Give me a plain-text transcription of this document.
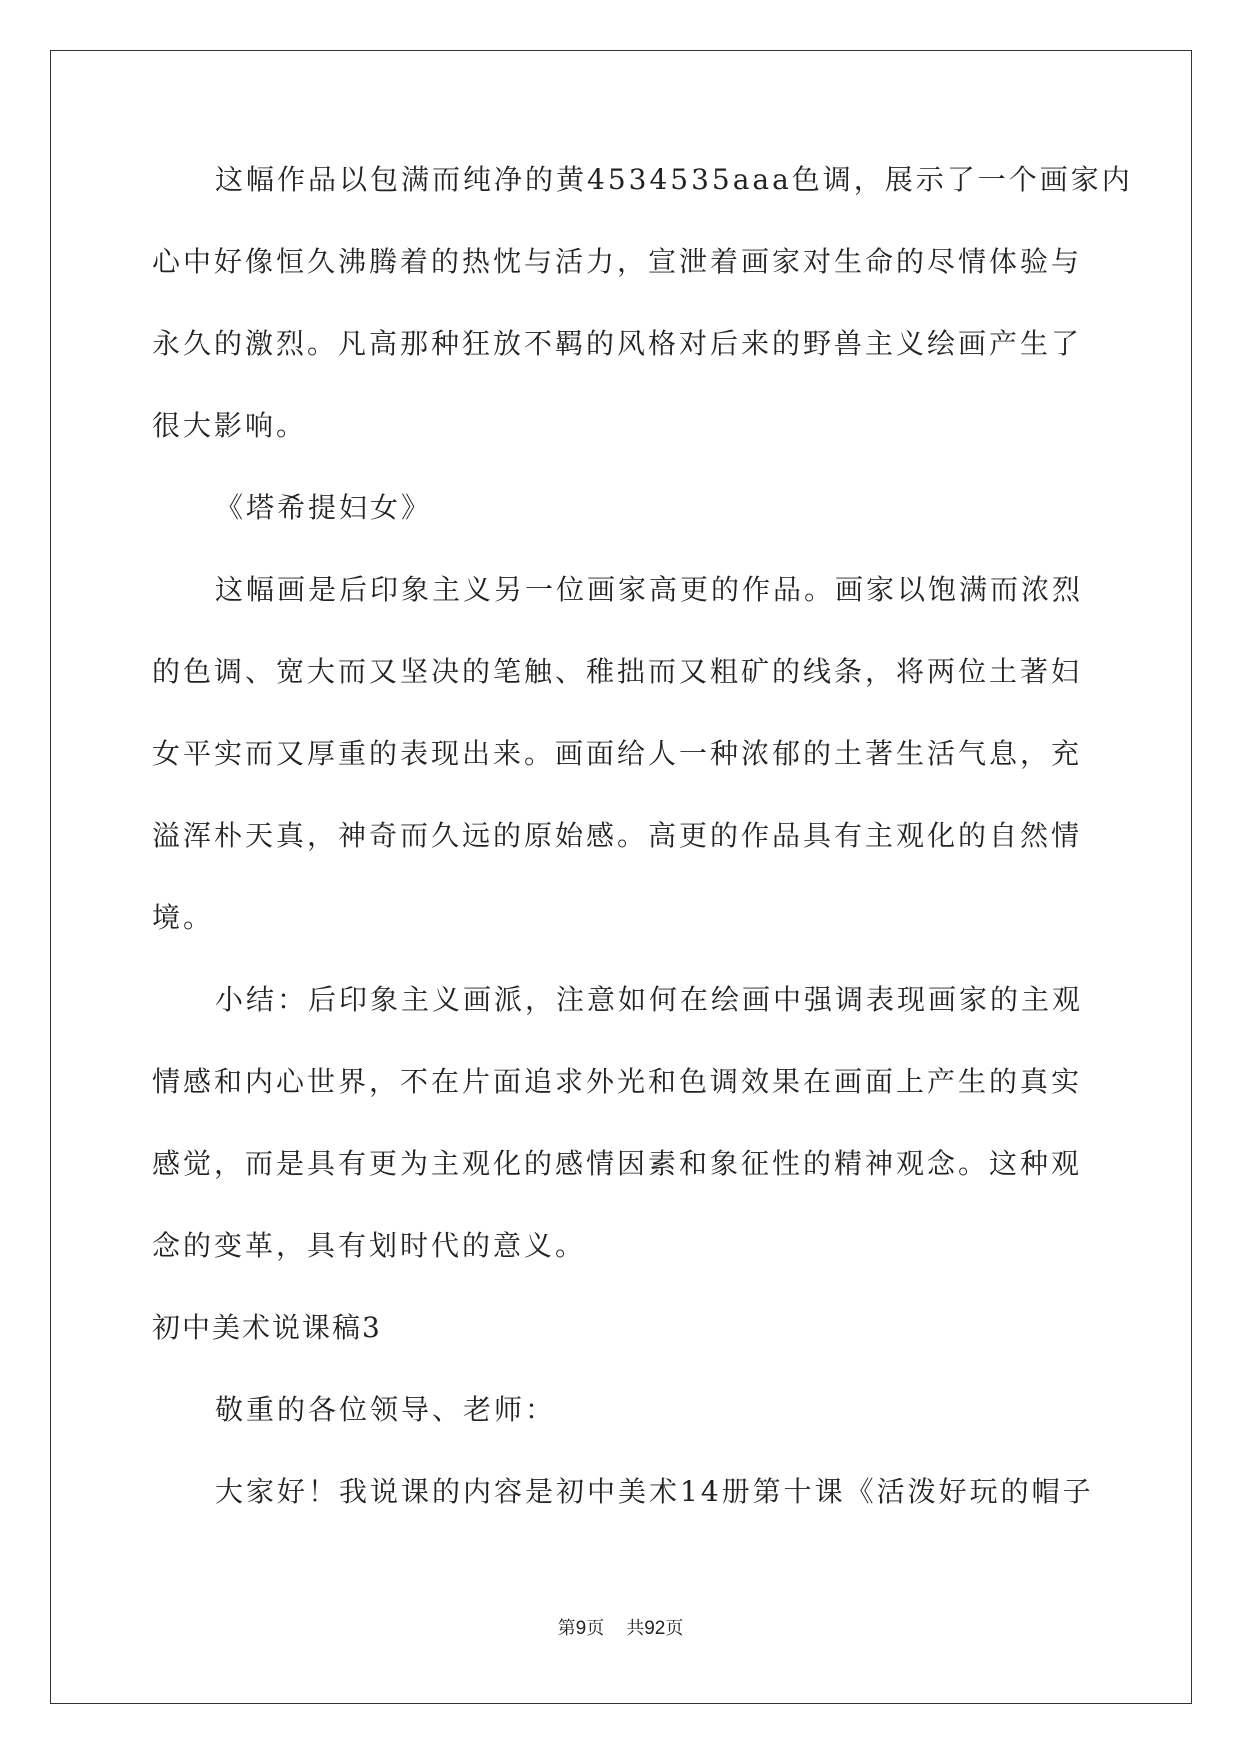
这幅作品以包满而纯净的黄4534535aaa色调，展示了一个画家内

心中好像恒久沸腾着的热忱与活力，宣泄着画家对生命的尽情体验与

永久的激烈。凡高那种狂放不羁的风格对后来的野兽主义绘画产生了

很大影响。

《塔希提妇女》

这幅画是后印象主义另一位画家高更的作品。画家以饱满而浓烈

的色调、宽大而又坚决的笔触、稚拙而又粗矿的线条，将两位土著妇

女平实而又厚重的表现出来。画面给人一种浓郁的土著生活气息，充

溢浑朴天真，神奇而久远的原始感。高更的作品具有主观化的自然情

境。

小结：后印象主义画派，注意如何在绘画中强调表现画家的主观

情感和内心世界，不在片面追求外光和色调效果在画面上产生的真实

感觉，而是具有更为主观化的感情因素和象征性的精神观念。这种观

念的变革，具有划时代的意义。

初中美术说课稿3

敬重的各位领导、老师：

大家好！我说课的内容是初中美术14册第十课《活泼好玩的帽子

第9页 共92页
